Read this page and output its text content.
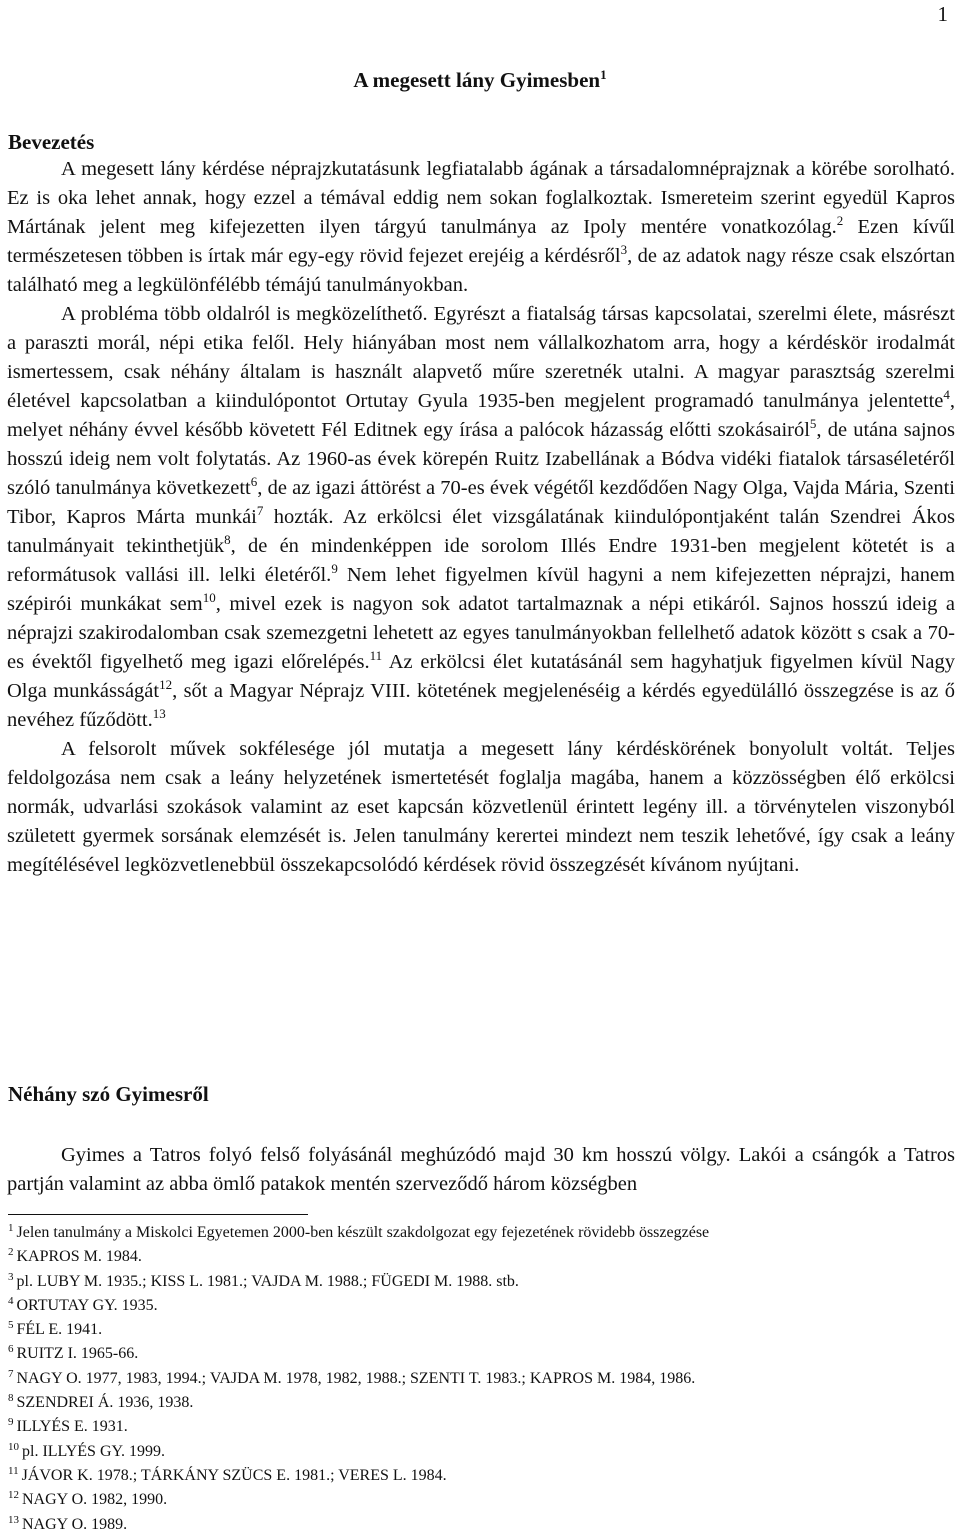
1
A megesett lány Gyimesben$^1$
Bevezetés

A megesett lány kérdése néprajzkutatásunk legfiatalabb ágának a társadalomnéprajznak a körébe sorolható. Ez is oka lehet annak, hogy ezzel a témával eddig nem sokan foglalkoztak. Ismereteim szerint egyedül Kapros Mártának jelent meg kifejezetten ilyen tárgyú tanulmánya az Ipoly mentére vonatkozólag.$^2$ Ezen kívűl természetesen többen is írtak már egy-egy rövid fejezet erejéig a kérdésről$^3$, de az adatok nagy része csak elszórtan található meg a legkülönfélébb témájú tanulmányokban.

A probléma több oldalról is megközelíthető. Egyrészt a fiatalság társas kapcsolatai, szerelmi élete, másrészt a paraszti morál, népi etika felől. Hely hiányában most nem vállalkozhatom arra, hogy a kérdéskör irodalmát ismertessem, csak néhány általam is használt alapvető műre szeretnék utalni. A magyar parasztság szerelmi életével kapcsolatban a kiindulópontot Ortutay Gyula 1935-ben megjelent programadó tanulmánya jelentette$^4$, melyet néhány évvel később követett Fél Editnek egy írása a palócok házasság előtti szokásairól$^5$, de utána sajnos hosszú ideig nem volt folytatás. Az 1960-as évek körepén Ruitz Izabellának a Bódva vidéki fiatalok társaséletéről szóló tanulmánya következett$^6$, de az igazi áttörést a 70-es évek végétől kezdődően Nagy Olga, Vajda Mária, Szenti Tibor, Kapros Márta munkái$^7$ hozták. Az erkölcsi élet vizsgálatának kiindulópontjaként talán Szendrei Ákos tanulmányait tekinthetjük$^8$, de én mindenképpen ide sorolom Illés Endre 1931-ben megjelent kötetét is a reformátusok vallási ill. lelki életéről.$^9$ Nem lehet figyelmen kívül hagyni a nem kifejezetten néprajzi, hanem szépirói munkákat sem$^{10}$, mivel ezek is nagyon sok adatot tartalmaznak a népi etikáról. Sajnos hosszú ideig a néprajzi szakirodalomban csak szemezgetni lehetett az egyes tanulmányokban fellelhető adatok között s csak a 70-es évektől figyelhető meg igazi előrelépés.$^{11}$ Az erkölcsi élet kutatásánál sem hagyhatjuk figyelmen kívül Nagy Olga munkásságát$^{12}$, sőt a Magyar Néprajz VIII. kötetének megjelenéséig a kérdés egyedülálló összegzése is az ő nevéhez fűződött.$^{13}$

A felsorolt művek sokfélesége jól mutatja a megesett lány kérdéskörének bonyolult voltát. Teljes feldolgozása nem csak a leány helyzetének ismertetését foglalja magába, hanem a közzösségben élő erkölcsi normák, udvarlási szokások valamint az eset kapcsán közvetlenül érintett legény ill. a törvénytelen viszonyból született gyermek sorsának elemzését is. Jelen tanulmány kerertei mindezt nem teszik lehetővé, így csak a leány megítélésével legközvetlenebbül összekapcsolódó kérdések rövid összegzését kívánom nyújtani.

Néhány szó Gyimesről

Gyimes a Tatros folyó felső folyásánál meghúzódó majd 30 km hosszú völgy. Lakói a csángók a Tatros partján valamint az abba ömlő patakok mentén szerveződő három községben

$^1$ Jelen tanulmány a Miskolci Egyetemen 2000-ben készült szakdolgozat egy fejezetének rövidebb összegzése
$^2$ KAPROS M. 1984.
$^3$ pl. LUBY M. 1935.; KISS L. 1981.; VAJDA M. 1988.; FÜGEDI M. 1988. stb.
$^4$ ORTUTAY GY. 1935.
$^5$ FÉL E. 1941.
$^6$ RUITZ I. 1965-66.
$^7$ NAGY O. 1977, 1983, 1994.; VAJDA M. 1978, 1982, 1988.; SZENTI T. 1983.; KAPROS M. 1984, 1986.
$^8$ SZENDREI Á. 1936, 1938.
$^9$ ILLYÉS E. 1931.
$^{10}$ pl. ILLYÉS GY. 1999.
$^{11}$ JÁVOR K. 1978.; TÁRKÁNY SZÜCS E. 1981.; VERES L. 1984.
$^{12}$ NAGY O. 1982, 1990.
$^{13}$ NAGY O. 1989.
